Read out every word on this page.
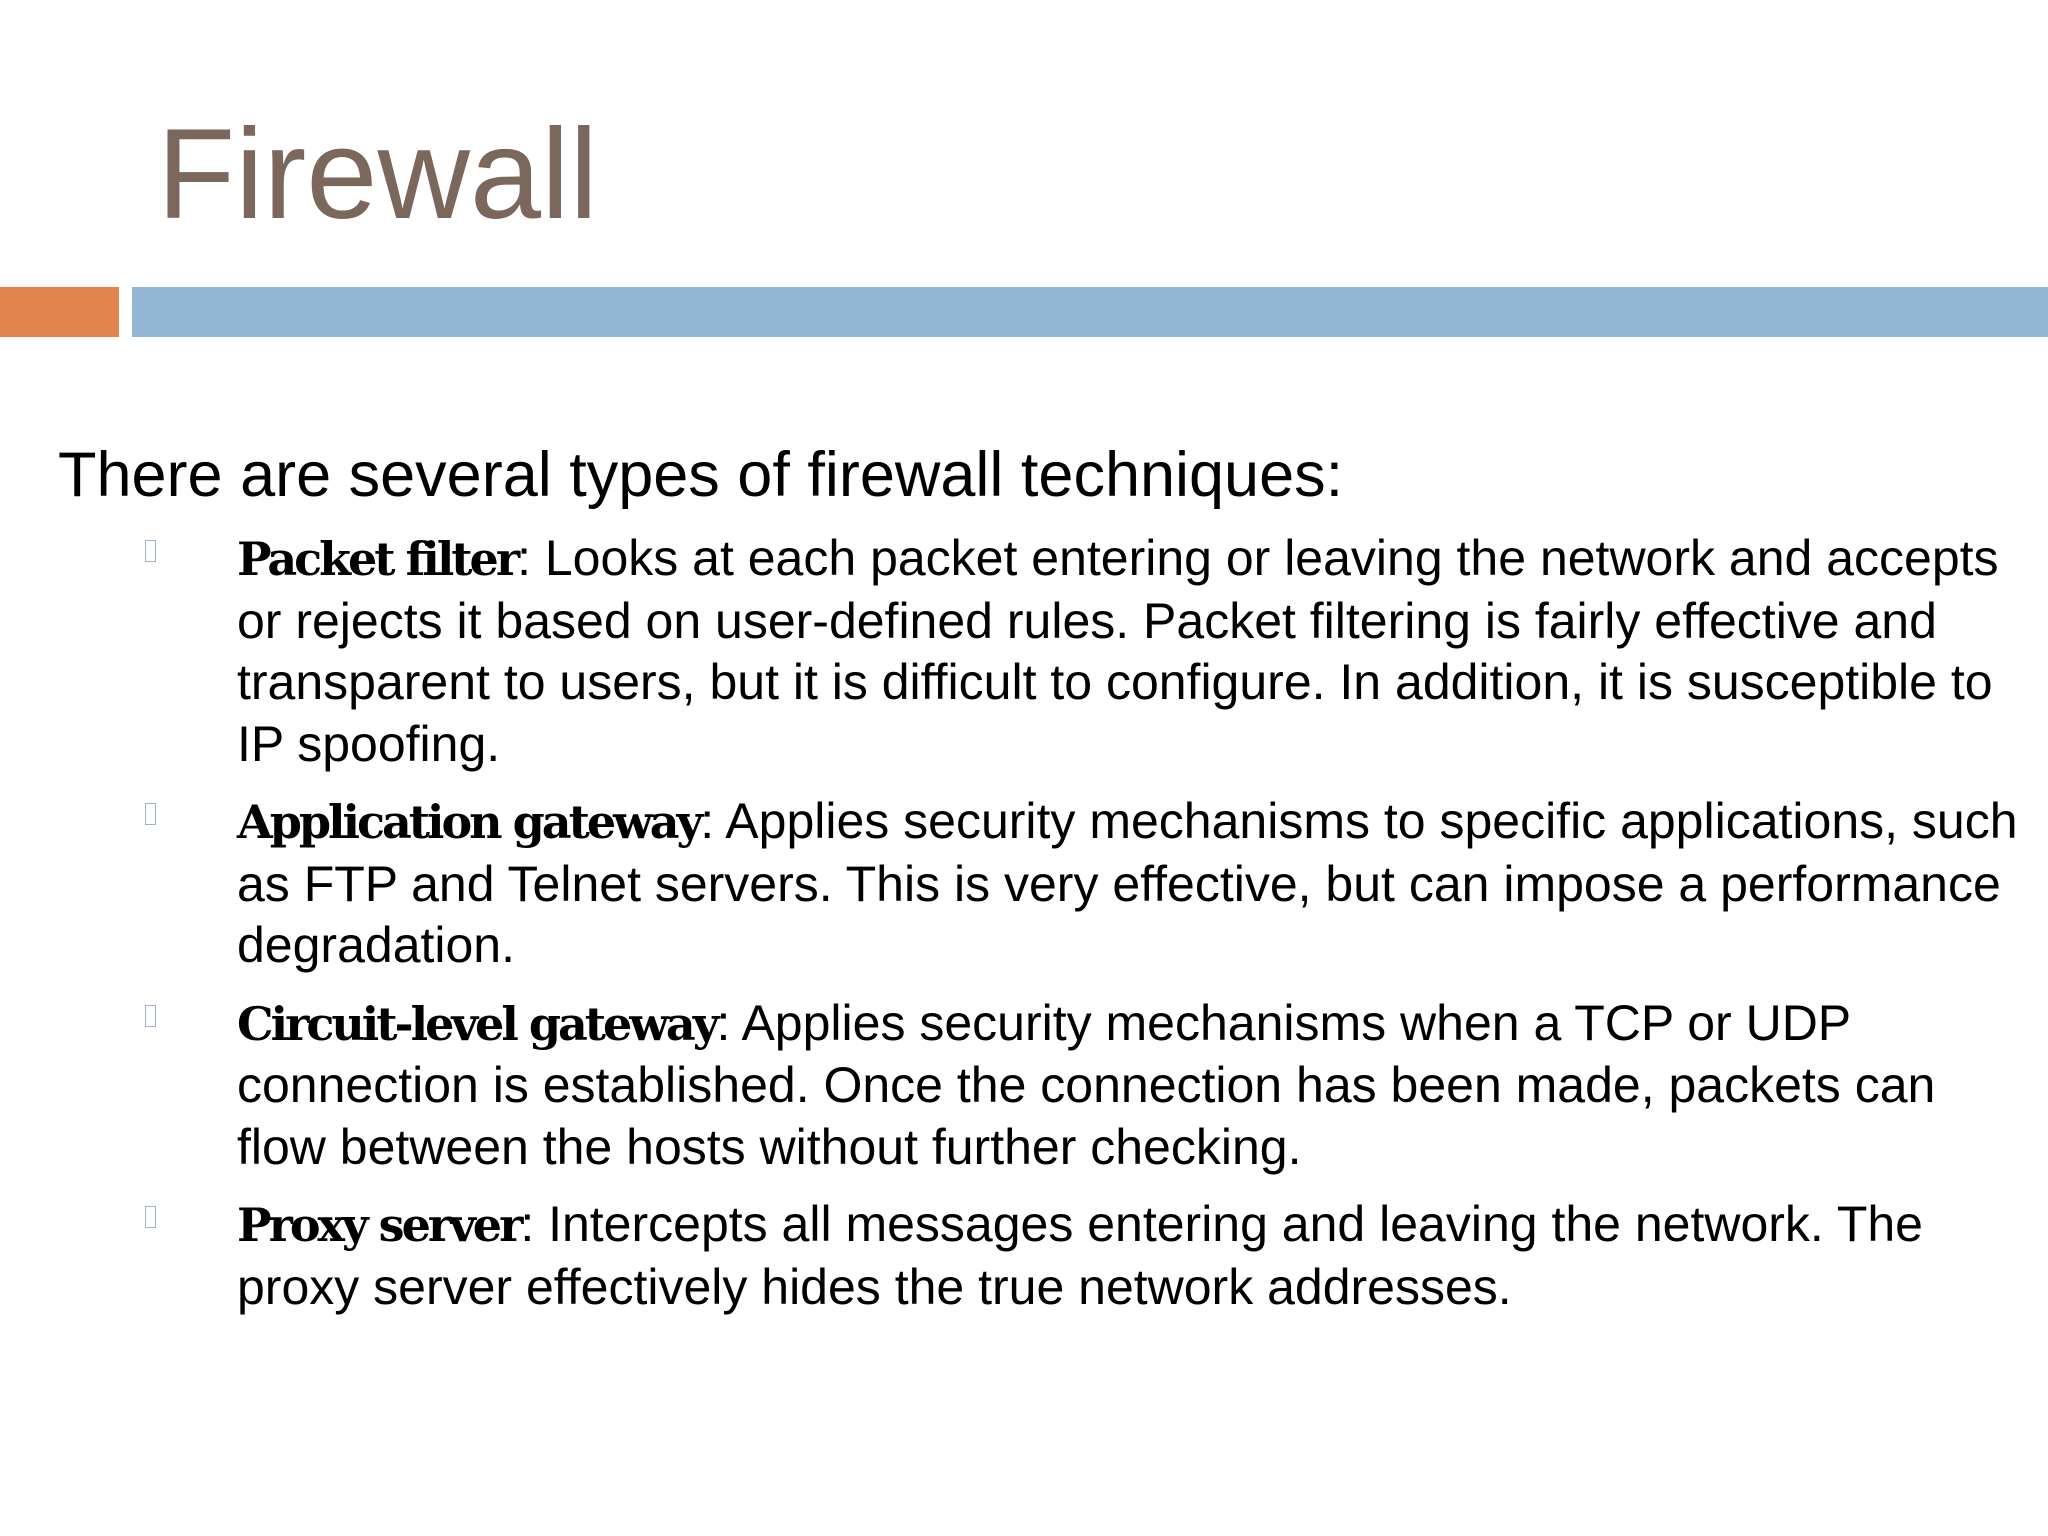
Firewall
There are several types of firewall techniques:
Packet filter: Looks at each packet entering or leaving the network and accepts or rejects it based on user-defined rules. Packet filtering is fairly effective and transparent to users, but it is difficult to configure. In addition, it is susceptible to IP spoofing.
Application gateway: Applies security mechanisms to specific applications, such as FTP and Telnet servers. This is very effective, but can impose a performance degradation.
Circuit-level gateway: Applies security mechanisms when a TCP or UDP connection is established. Once the connection has been made, packets can flow between the hosts without further checking.
Proxy server: Intercepts all messages entering and leaving the network. The proxy server effectively hides the true network addresses.
